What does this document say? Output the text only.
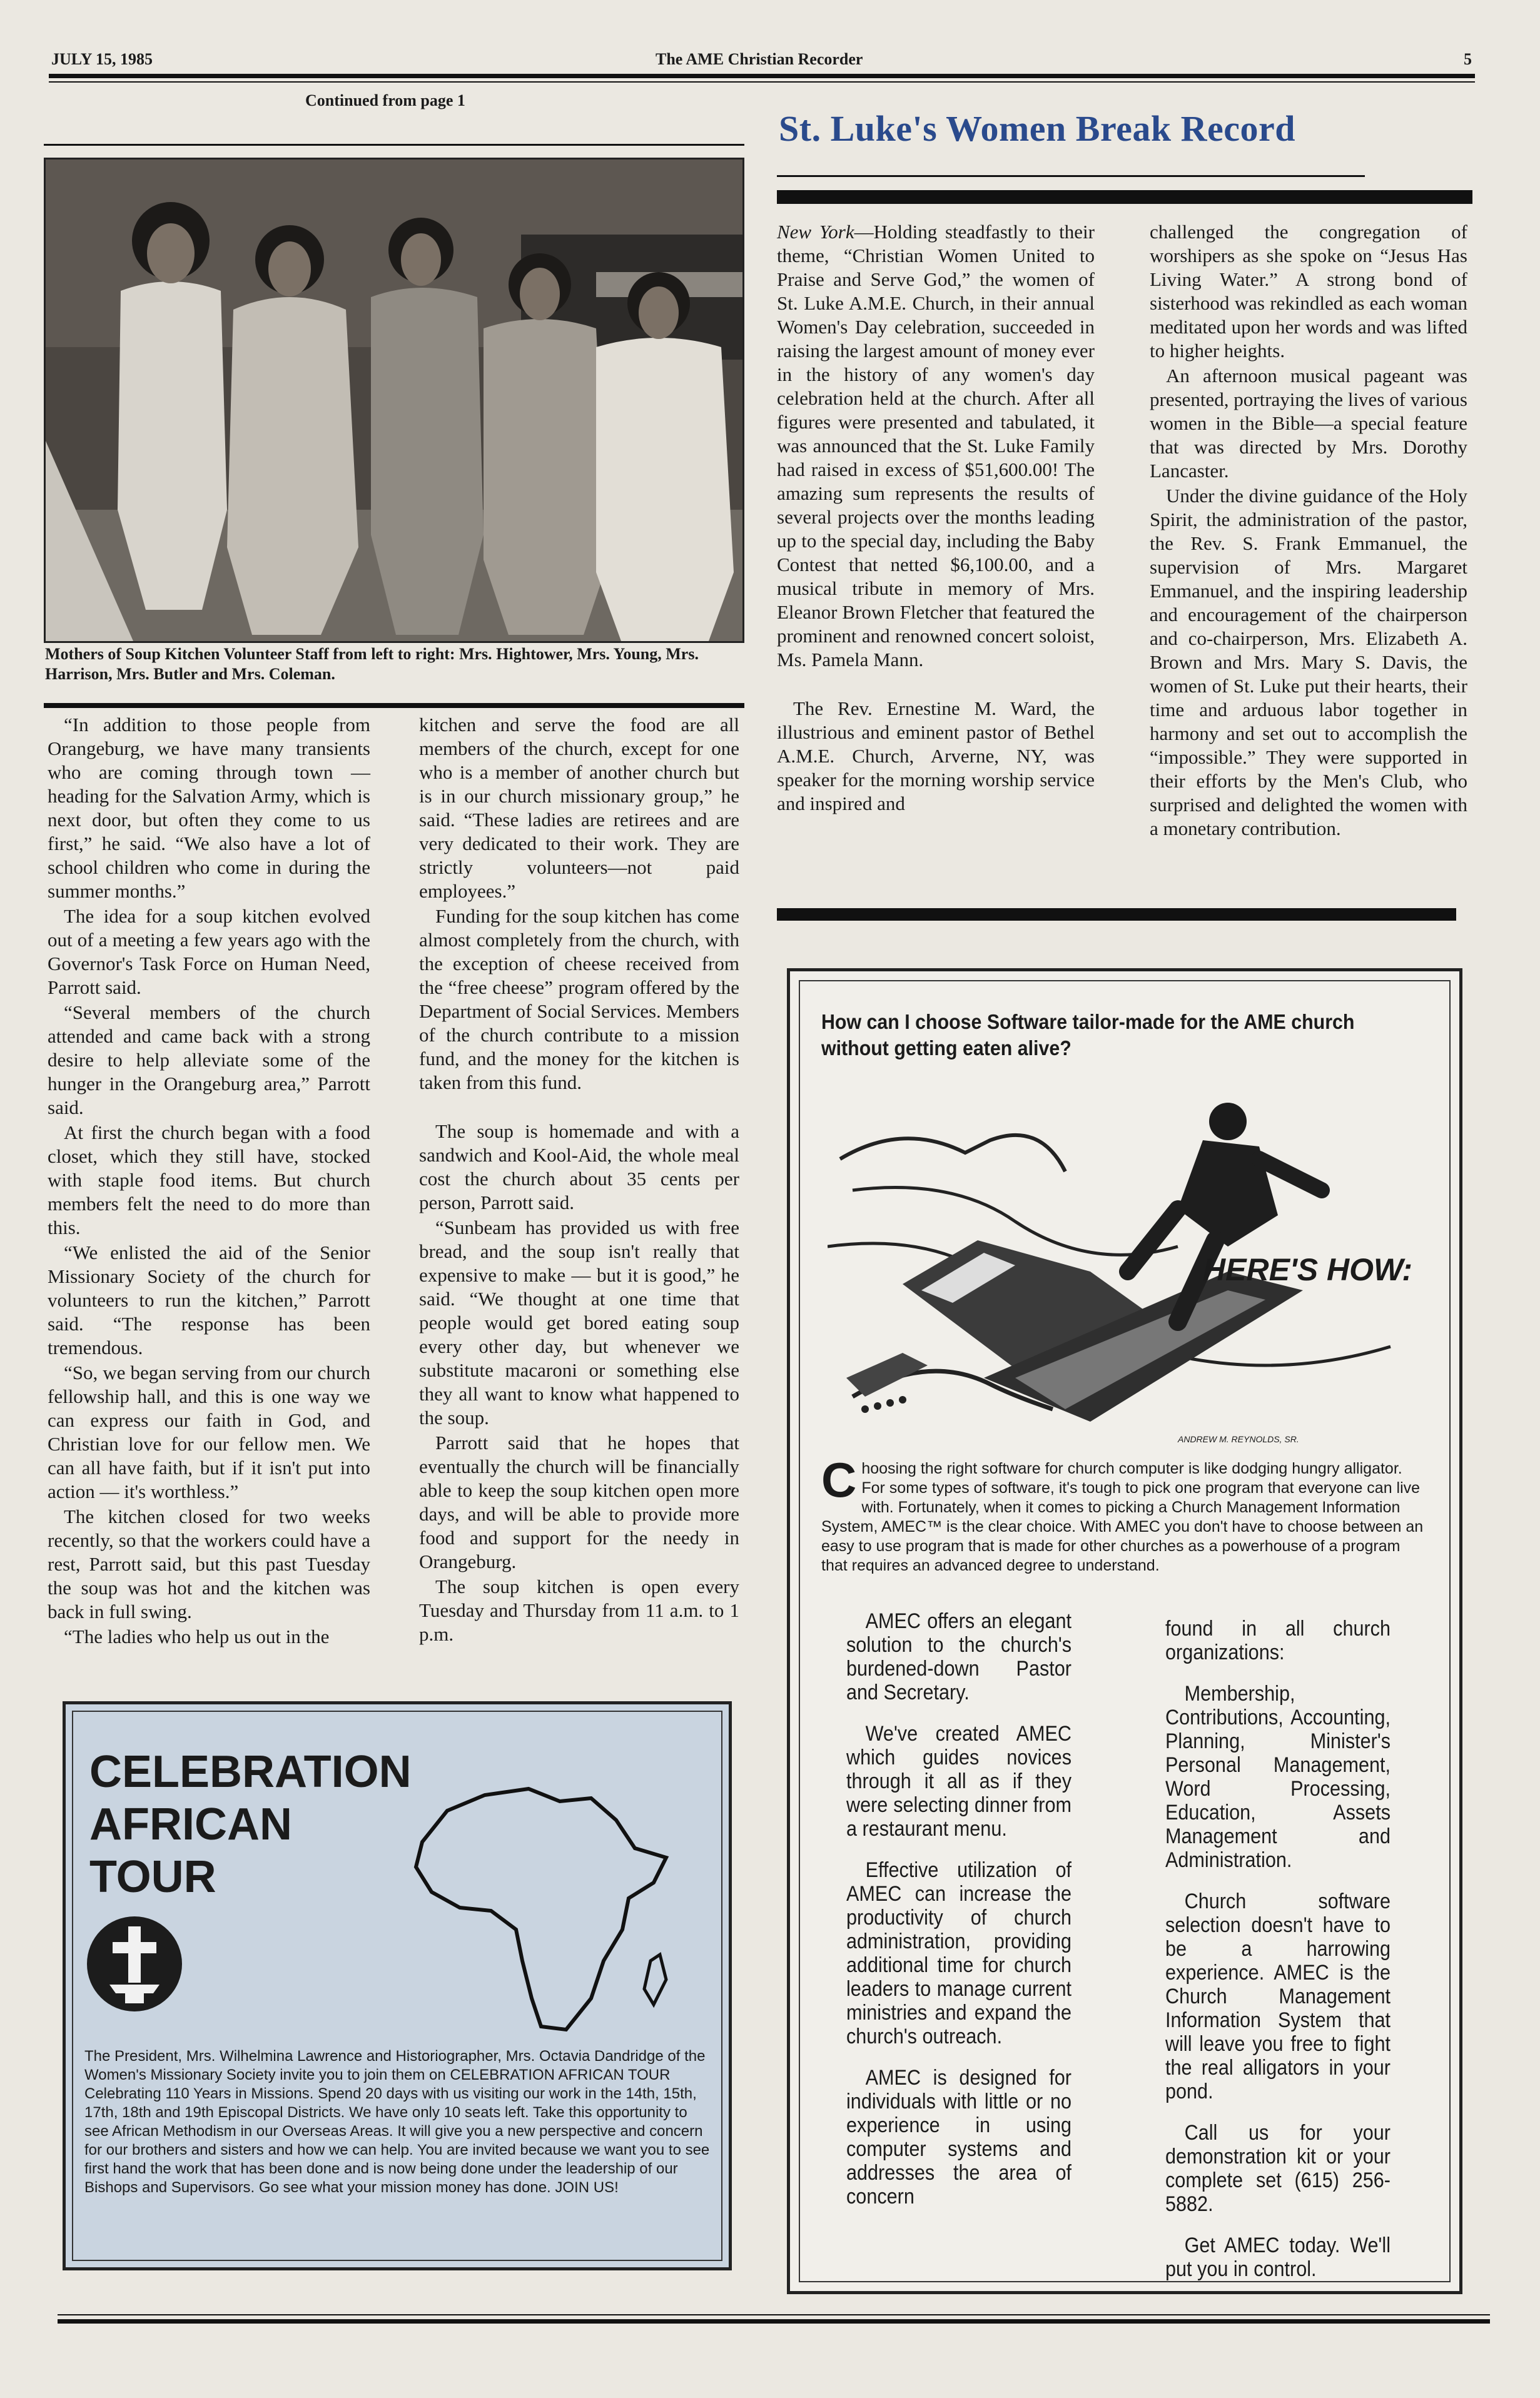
JULY 15, 1985	The AME Christian Recorder	5
Continued from page 1
Mothers of Soup Kitchen Volunteer Staff from left to right: Mrs. Hightower, Mrs. Young, Mrs. Harrison, Mrs. Butler and Mrs. Coleman.

“In addition to those people from Orangeburg, we have many transients who are coming through town — heading for the Salvation Army, which is next door, but often they come to us first,” he said. “We also have a lot of school children who come in during the summer months.”

The idea for a soup kitchen evolved out of a meeting a few years ago with the Governor's Task Force on Human Need, Parrott said.

“Several members of the church attended and came back with a strong desire to help alleviate some of the hunger in the Orangeburg area,” Parrott said.

At first the church began with a food closet, which they still have, stocked with staple food items. But church members felt the need to do more than this.

“We enlisted the aid of the Senior Missionary Society of the church for volunteers to run the kitchen,” Parrott said. “The response has been tremendous.

“So, we began serving from our church fellowship hall, and this is one way we can express our faith in God, and Christian love for our fellow men. We can all have faith, but if it isn't put into action — it's worthless.”

The kitchen closed for two weeks recently, so that the workers could have a rest, Parrott said, but this past Tuesday the soup was hot and the kitchen was back in full swing.

“The ladies who help us out in the

kitchen and serve the food are all members of the church, except for one who is a member of another church but is in our church missionary group,” he said. “These ladies are retirees and are very dedicated to their work. They are strictly volunteers—not paid employees.”

Funding for the soup kitchen has come almost completely from the church, with the exception of cheese received from the “free cheese” program offered by the Department of Social Services. Members of the church contribute to a mission fund, and the money for the kitchen is taken from this fund.

The soup is homemade and with a sandwich and Kool-Aid, the whole meal cost the church about 35 cents per person, Parrott said.

“Sunbeam has provided us with free bread, and the soup isn't really that expensive to make — but it is good,” he said. “We thought at one time that people would get bored eating soup every other day, but whenever we substitute macaroni or something else they all want to know what happened to the soup.

Parrott said that he hopes that eventually the church will be financially able to keep the soup kitchen open more days, and will be able to provide more food and support for the needy in Orangeburg.

The soup kitchen is open every Tuesday and Thursday from 11 a.m. to 1 p.m.

St. Luke's Women Break Record

New York—Holding steadfastly to their theme, “Christian Women United to Praise and Serve God,” the women of St. Luke A.M.E. Church, in their annual Women's Day celebration, succeeded in raising the largest amount of money ever in the history of any women's day celebration held at the church. After all figures were presented and tabulated, it was announced that the St. Luke Family had raised in excess of $51,600.00! The amazing sum represents the results of several projects over the months leading up to the special day, including the Baby Contest that netted $6,100.00, and a musical tribute in memory of Mrs. Eleanor Brown Fletcher that featured the prominent and renowned concert soloist, Ms. Pamela Mann.

The Rev. Ernestine M. Ward, the illustrious and eminent pastor of Bethel A.M.E. Church, Arverne, NY, was speaker for the morning worship service and inspired and

challenged the congregation of worshipers as she spoke on “Jesus Has Living Water.” A strong bond of sisterhood was rekindled as each woman meditated upon her words and was lifted to higher heights.

An afternoon musical pageant was presented, portraying the lives of various women in the Bible—a special feature that was directed by Mrs. Dorothy Lancaster.

Under the divine guidance of the Holy Spirit, the administration of the pastor, the Rev. S. Frank Emmanuel, the supervision of Mrs. Margaret Emmanuel, and the inspiring leadership and encouragement of the chairperson and co-chairperson, Mrs. Elizabeth A. Brown and Mrs. Mary S. Davis, the women of St. Luke put their hearts, their time and arduous labor together in harmony and set out to accomplish the “impossible.” They were supported in their efforts by the Men's Club, who surprised and delighted the women with a monetary contribution.

How can I choose Software tailor-made for the AME church without getting eaten alive?
HERE'S HOW:
ANDREW M. REYNOLDS, SR.
Choosing the right software for church computer is like dodging hungry alligator. For some types of software, it's tough to pick one program that everyone can live with. Fortunately, when it comes to picking a Church Management Information System, AMEC™ is the clear choice. With AMEC you don't have to choose between an easy to use program that is made for other churches as a powerhouse of a program that requires an advanced degree to understand.

AMEC offers an elegant solution to the church's burdened-down Pastor and Secretary.

We've created AMEC which guides novices through it all as if they were selecting dinner from a restaurant menu.

Effective utilization of AMEC can increase the productivity of church administration, providing additional time for church leaders to manage current ministries and expand the church's outreach.

AMEC is designed for individuals with little or no experience in using computer systems and addresses the area of concern

found in all church organizations:

Membership, Contributions, Accounting, Planning, Minister's Personal Management, Word Processing, Education, Assets Management and Administration.

Church software selection doesn't have to be a harrowing experience. AMEC is the Church Management Information System that will leave you free to fight the real alligators in your pond.

Call us for your demonstration kit or your complete set (615) 256-5882.

Get AMEC today. We'll put you in control.

CELEBRATION
AFRICAN
TOUR
The President, Mrs. Wilhelmina Lawrence and Historiographer, Mrs. Octavia Dandridge of the Women's Missionary Society invite you to join them on CELEBRATION AFRICAN TOUR Celebrating 110 Years in Missions. Spend 20 days with us visiting our work in the 14th, 15th, 17th, 18th and 19th Episcopal Districts. We have only 10 seats left. Take this opportunity to see African Methodism in our Overseas Areas. It will give you a new perspective and concern for our brothers and sisters and how we can help. You are invited because we want you to see first hand the work that has been done and is now being done under the leadership of our Bishops and Supervisors. Go see what your mission money has done. JOIN US!
